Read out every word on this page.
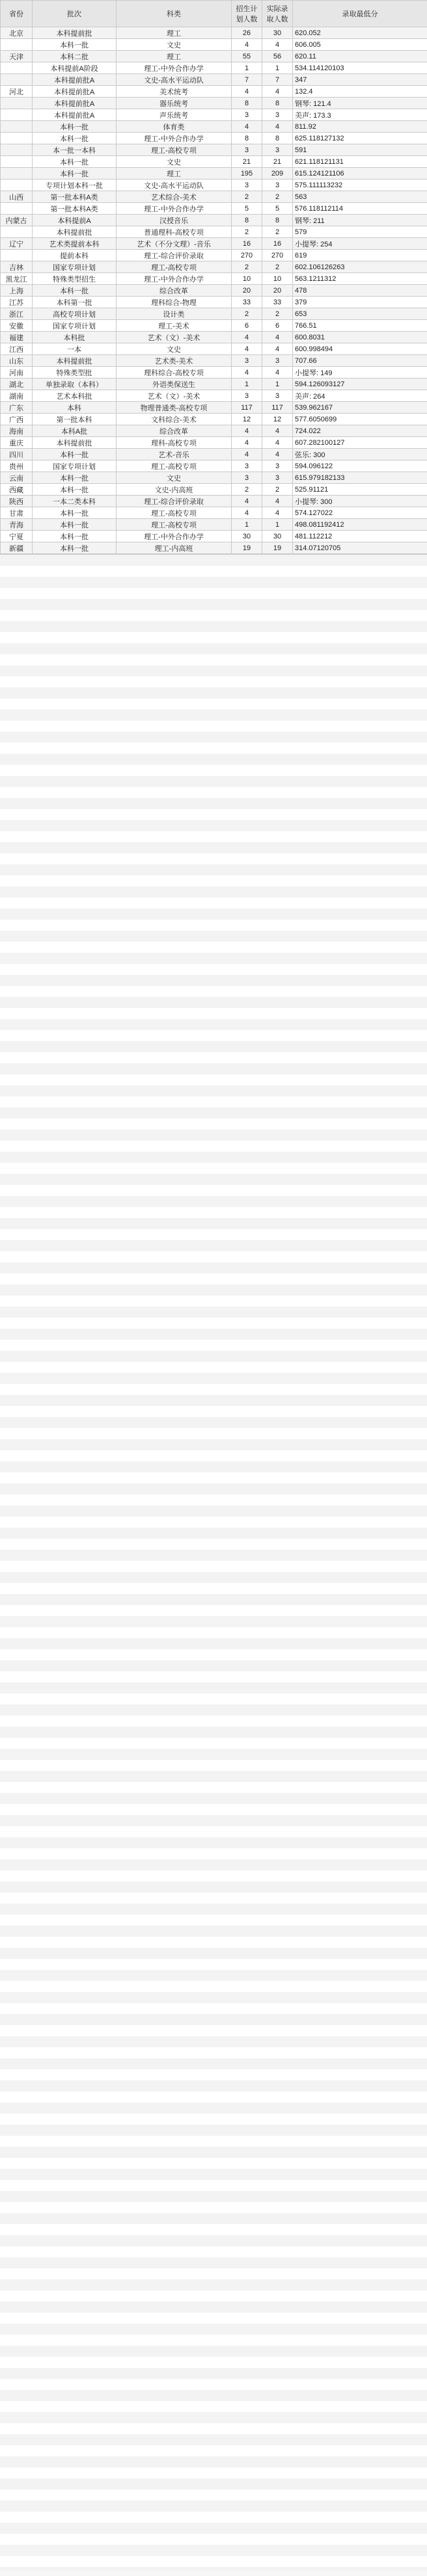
省份	批次	科类	招生计划人数	实际录取人数	录取最低分
北京	本科提前批	理工	26	30	620.052
	本科一批	文史	4	4	606.005
天津	本科二批	理工	55	56	620.11
	本科提前A阶段	理工-中外合作办学	1	1	534.114120103
	本科提前批A	文史-高水平运动队	7	7	347
河北	本科提前批A	美术统考	4	4	132.4
	本科提前批A	器乐统考	8	8	钢琴: 121.4
	本科提前批A	声乐统考	3	3	美声: 173.3
	本科一批	体育类	4	4	811.92
	本科一批	理工-中外合作办学	8	8	625.118127132
	本一批一本科	理工-高校专项	3	3	591
	本科一批	文史	21	21	621.118121131
	本科一批	理工	195	209	615.124121106
	专项计划本科一批	文史-高水平运动队	3	3	575.111113232
山西	第一批本科A类	艺术综合-美术	2	2	563
	第一批本科A类	理工-中外合作办学	5	5	576.118112114
内蒙古	本科提前A	汉授音乐	8	8	钢琴: 211
	本科提前批	普通理科-高校专项	2	2	579
辽宁	艺术类提前本科	艺术（不分文理）-音乐	16	16	小提琴: 254
	提前本科	理工-综合评价录取	270	270	619
吉林	国家专项计划	理工-高校专项	2	2	602.106126263
黑龙江	特殊类型招生	理工-中外合作办学	10	10	563.1211312
上海	本科一批	综合改革	20	20	478
江苏	本科第一批	理科综合-物理	33	33	379
浙江	高校专项计划	设计类	2	2	653
安徽	国家专项计划	理工-美术	6	6	766.51
福建	本科批	艺术（文）-美术	4	4	600.8031
江西	一本	文史	4	4	600.998494
山东	本科提前批	艺术类-美术	3	3	707.66
河南	特殊类型批	理科综合-高校专项	4	4	小提琴: 149
湖北	单独录取（本科）	外语类保送生	1	1	594.126093127
湖南	艺术本科批	艺术（文）-美术	3	3	美声: 264
广东	本科	物理普通类-高校专项	117	117	539.962167
广西	第一批本科	文科综合-美术	12	12	577.6050699
海南	本科A批	综合改革	4	4	724.022
重庆	本科提前批	理科-高校专项	4	4	607.282100127
四川	本科一批	艺术-音乐	4	4	弦乐: 300
贵州	国家专项计划	理工-高校专项	3	3	594.096122
云南	本科一批	文史	3	3	615.979182133
西藏	本科一批	文史-内高班	2	2	525.91121
陕西	一本二类本科	理工-综合评价录取	4	4	小提琴: 300
甘肃	本科一批	理工-高校专项	4	4	574.127022
青海	本科一批	理工-高校专项	1	1	498.081192412
宁夏	本科一批	理工-中外合作办学	30	30	481.112212
新疆	本科一批	理工-内高班	19	19	314.07120705
